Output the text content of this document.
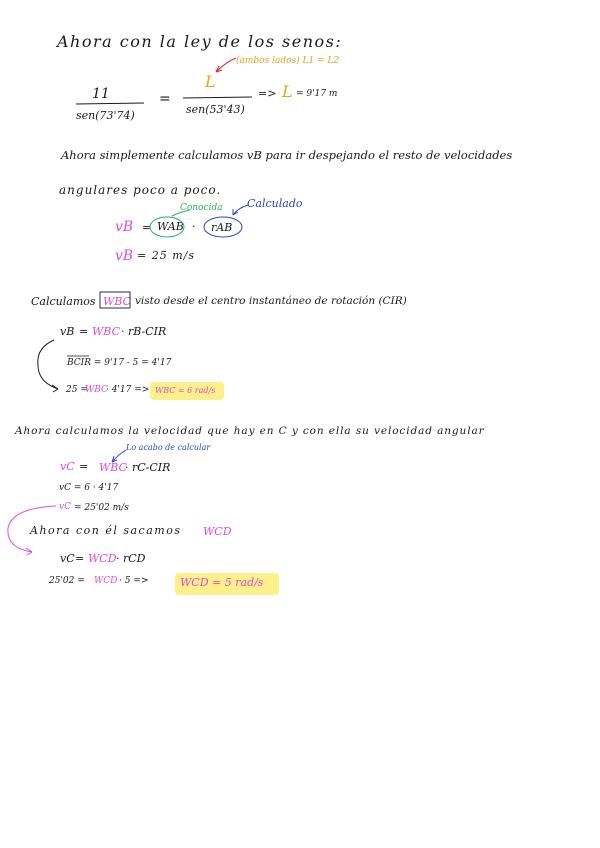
Ahora con la ley de los senos:
(ambos lados) L1 = L2
11
sen(73'74)
=
L
sen(53'43)
=> L = 9'17 m
Ahora simplemente calculamos vB para ir despejando el resto de velocidades
angulares poco a poco.
Conocida Calculado
vB = WAB · rAB
vB = 25 m/s
Calculamos WBC visto desde el centro instantáneo de rotación (CIR)
vB = WBC · rB-CIR
BCIR = 9'17 - 5 = 4'17
25 =
WBC
· 4'17 => WBC = 6 rad/s
Ahora calculamos la velocidad que hay en C y con ella su velocidad angular
Lo acabo de calcular
vC = WBC
· rC-CIR
vC = 6 · 4'17
vC = 25'02 m/s
Ahora con él sacamos WCD
vC = WCD · rCD
25'02 = WCD · 5 =>	WCD = 5 rad/s
